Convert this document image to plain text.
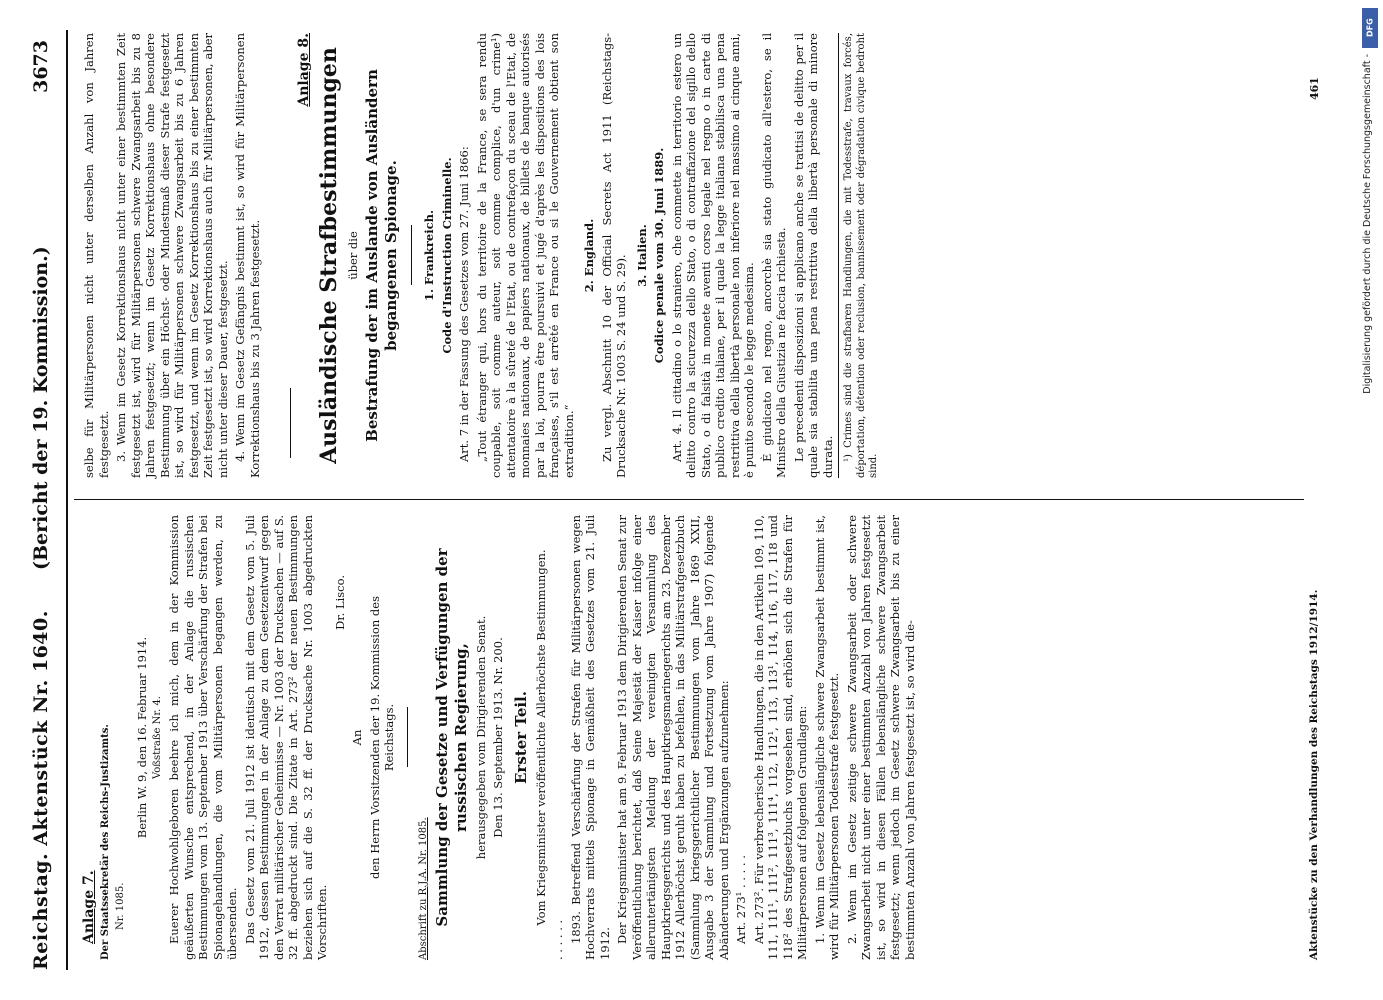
DFG
Digitalisierung gefördert durch die Deutsche Forschungsgemeinschaft -
Reichstag. Aktenstück Nr. 1640.
(Bericht der 19. Kommission.)
3673

Anlage 7. Der Staatssekretär des Reichs-Justizamts. Nr. 1085.

Berlin W. 9, den 16. Februar 1914. Voßstraße Nr. 4. Euerer Hochwohlgeboren beehre ich mich, dem in der Kommission geäußerten Wunsche entsprechend, in der Anlage die russischen Bestimmungen vom 13. September 1913 über Verschärfung der Strafen bei Spionagehandlungen, die vom Militärpersonen begangen werden, zu übersenden. Das Gesetz vom 21. Juli 1912 ist identisch mit dem Gesetz vom 5. Juli 1912, dessen Bestimmungen in der Anlage zu dem Gesetzentwurf gegen den Verrat militärischer Geheimnisse — Nr. 1003 der Drucksachen — auf S. 32 ff. abgedruckt sind. Die Zitate in Art. 273² der neuen Bestimmungen beziehen sich auf die S. 32 ff. der Drucksache Nr. 1003 abgedruckten Vorschriften.

Dr. Lisco.

An den Herrn Vorsitzenden der 19. Kommission des Reichstags.

Abschrift zu R.J.A. Nr. 1085. Sammlung der Gesetze und Verfügungen der russischen Regierung, herausgegeben vom Dirigierenden Senat. Den 13. September 1913. Nr. 200. Erster Teil. Vom Kriegsminister veröffentlichte Allerhöchste Bestimmungen.

. . . . . . 1893. Betreffend Verschärfung der Strafen für Militärpersonen wegen Hochverrats mittels Spionage in Gemäßheit des Gesetzes vom 21. Juli 1912. Der Kriegsminister hat am 9. Februar 1913 dem Dirigierenden Senat zur Veröffentlichung berichtet, daß Seine Majestät der Kaiser infolge einer alleruntertänigsten Meldung der vereinigten Versammlung des Hauptkriegsgerichts und des Hauptkriegsmarinegerichts am 23. Dezember 1912 Allerhöchst geruht haben zu befehlen, in das Militärstrafgesetzbuch (Sammlung kriegsgerichtlicher Bestimmungen vom Jahre 1869 XXII, Ausgabe 3 der Sammlung und Fortsetzung vom Jahre 1907) folgende Abänderungen und Ergänzungen aufzunehmen: Art. 273¹ . . . . . Art. 273². Für verbrecherische Handlungen, die in den Artikeln 109, 110, 111, 111¹, 111², 111³, 111⁴, 112, 112¹, 113, 113¹, 114, 116, 117, 118 und 118² des Strafgesetzbuchs vorgesehen sind, erhöhen sich die Strafen für Militärpersonen auf folgenden Grundlagen: 1. Wenn im Gesetz lebenslängliche schwere Zwangsarbeit bestimmt ist, wird für Militärpersonen Todesstrafe festgesetzt. 2. Wenn im Gesetz zeitige schwere Zwangsarbeit oder schwere Zwangsarbeit nicht unter einer bestimmten Anzahl von Jahren festgesetzt ist, so wird in diesen Fällen lebenslängliche schwere Zwangsarbeit festgesetzt; wenn jedoch im Gesetz schwere Zwangsarbeit bis zu einer bestimmten Anzahl von Jahren festgesetzt ist, so wird die-

selbe für Militärpersonen nicht unter derselben Anzahl von Jahren festgesetzt. 3. Wenn im Gesetz Korrektionshaus nicht unter einer bestimmten Zeit festgesetzt ist, wird für Militärpersonen schwere Zwangsarbeit bis zu 8 Jahren festgesetzt; wenn im Gesetz Korrektionshaus ohne besondere Bestimmung über ein Höchst- oder Mindestmaß dieser Strafe festgesetzt ist, so wird für Militärpersonen schwere Zwangsarbeit bis zu 6 Jahren festgesetzt, und wenn im Gesetz Korrektionshaus bis zu einer bestimmten Zeit festgesetzt ist, so wird Korrektionshaus auch für Militärpersonen, aber nicht unter dieser Dauer, festgesetzt. 4. Wenn im Gesetz Gefängnis bestimmt ist, so wird für Militärpersonen Korrektionshaus bis zu 3 Jahren festgesetzt.

Anlage 8. Ausländische Strafbestimmungen über die Bestrafung der im Auslande von Ausländern begangenen Spionage. 1. Frankreich. Code d'Instruction Criminelle. Art. 7 in der Fassung des Gesetzes vom 27. Juni 1866: „Tout étranger qui, hors du territoire de la France, se sera rendu coupable, soit comme auteur, soit comme complice, d'un crime¹) attentatoire à la sûreté de l'Etat, ou de contrefaçon du sceau de l'Etat, de monnaies nationaux, de papiers nationaux, de billets de banque autorisés par la loi, pourra être poursuivi et jugé d'après les dispositions des lois françaises, s'il est arrêté en France ou si le Gouvernement obtient son extradition.“

2. England. Zu vergl. Abschnitt 10 der Official Secrets Act 1911 (Reichstags-Drucksache Nr. 1003 S. 24 und S. 29). 3. Italien. Codice penale vom 30. Juni 1889. Art. 4. Il cittadino o lo straniero, che commette in territorio estero un delitto contro la sicurezza dello Stato, o di contraffazione del sigillo dello Stato, o di falsità in monete aventi corso legale nel regno o in carte di publico credito italiane, per il quale la legge italiana stabilisca una pena restrittiva della libertà personale non inferiore nel massimo ai cinque anni, è punito secondo le legge medesima. È giudicato nel regno, ancorchè sia stato giudicato all'estero, se il Ministro della Giustizia ne faccia richiesta. Le precedenti disposizioni si applicano anche se trattisi de delitto per il quale sia stabilita una pena restrittiva della libertà personale di minore durata. ¹) Crimes sind die strafbaren Handlungen, die mit Todesstrafe, travaux forcés, déportation, détention oder reclusion, bannissement oder dégradation civique bedroht sind.

Aktenstücke zu den Verhandlungen des Reichstags 1912/1914.
461
